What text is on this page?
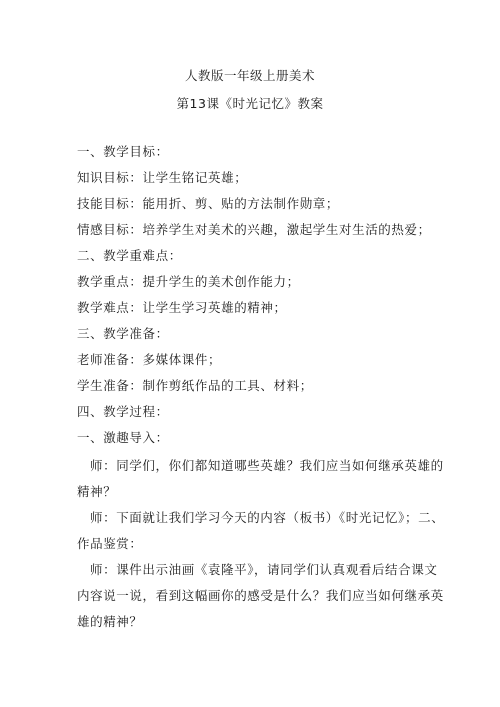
人教版一年级上册美术
第13课《时光记忆》教案
一、教学目标：
知识目标：让学生铭记英雄；
技能目标：能用折、剪、贴的方法制作勋章；
情感目标：培养学生对美术的兴趣，激起学生对生活的热爱；
二、教学重难点：
教学重点：提升学生的美术创作能力；
教学难点：让学生学习英雄的精神；
三、教学准备：
老师准备：多媒体课件；
学生准备：制作剪纸作品的工具、材料；
四、教学过程：
一、激趣导入：
师：同学们，你们都知道哪些英雄？我们应当如何继承英雄的
精神？
师：下面就让我们学习今天的内容（板书）《时光记忆》；二、
作品鉴赏：
师：课件出示油画《袁隆平》，请同学们认真观看后结合课文
内容说一说，看到这幅画你的感受是什么？我们应当如何继承英
雄的精神？
